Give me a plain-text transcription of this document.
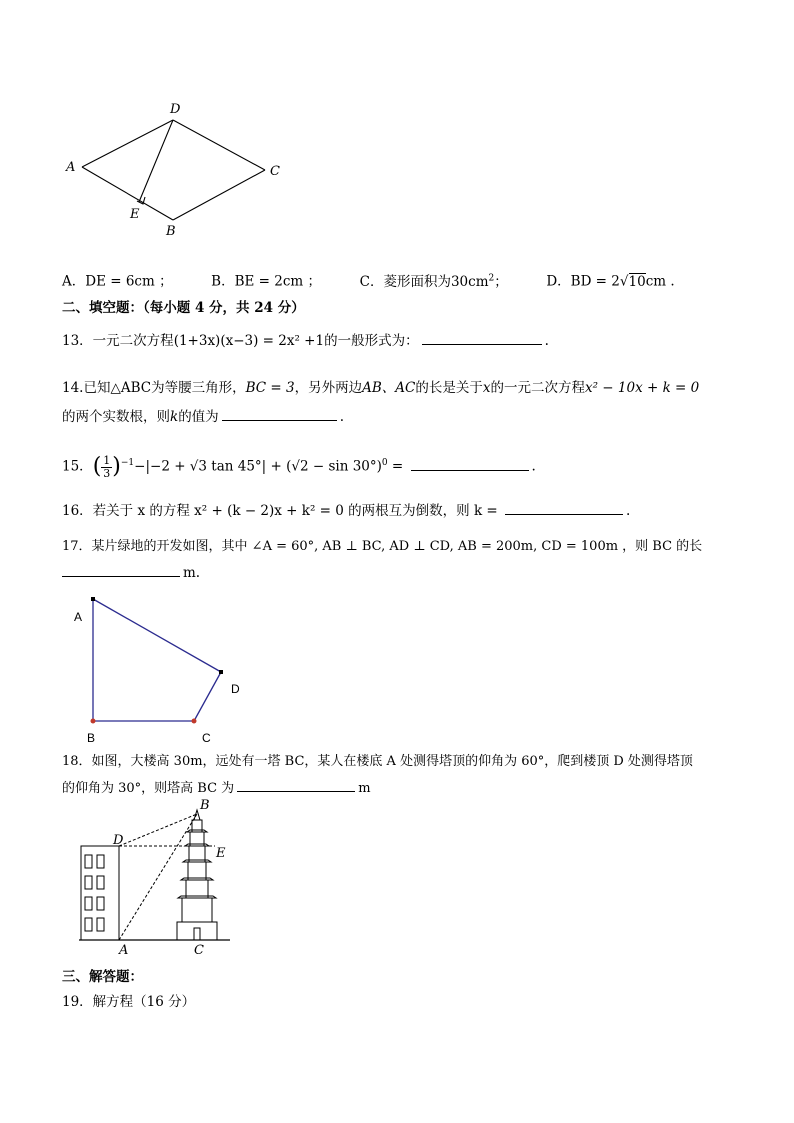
A
D
C
B
E
A．DE = 6cm ；	B．BE = 2cm ；	C．菱形面积为$30cm^2$；	D．BD = 2√10cm .
二、填空题：（每小题 4 分，共 24 分）
13．一元二次方程(1+3x)(x−3) = 2x² +1的一般形式为：	.
14.已知△ABC为等腰三角形，BC = 3，另外两边AB、AC的长是关于x的一元二次方程x² − 10x + k = 0
的两个实数根，则k的值为	.
15．( $\frac{1}{3} )^{-1}-|-2 + √3$ $\tan 45^\circ| + (√2 - \sin 30^\circ)^0$ =	.
16．若关于 x 的方程 x² + (k − 2)x + k² = 0 的两根互为倒数，则 k =	.
17．某片绿地的开发如图，其中 ∠A = 60°, AB ⊥ BC, AD ⊥ CD, AB = 200m, CD = 100m ，则 BC 的长
m.
A
D
B	C
18．如图，大楼高 30m，远处有一塔 BC，某人在楼底 A 处测得塔顶的仰角为 60°，爬到楼顶 D 处测得塔顶
的仰角为 30°，则塔高 BC 为	m
B
D
E
A	C
三、解答题：
19．解方程（16 分）
